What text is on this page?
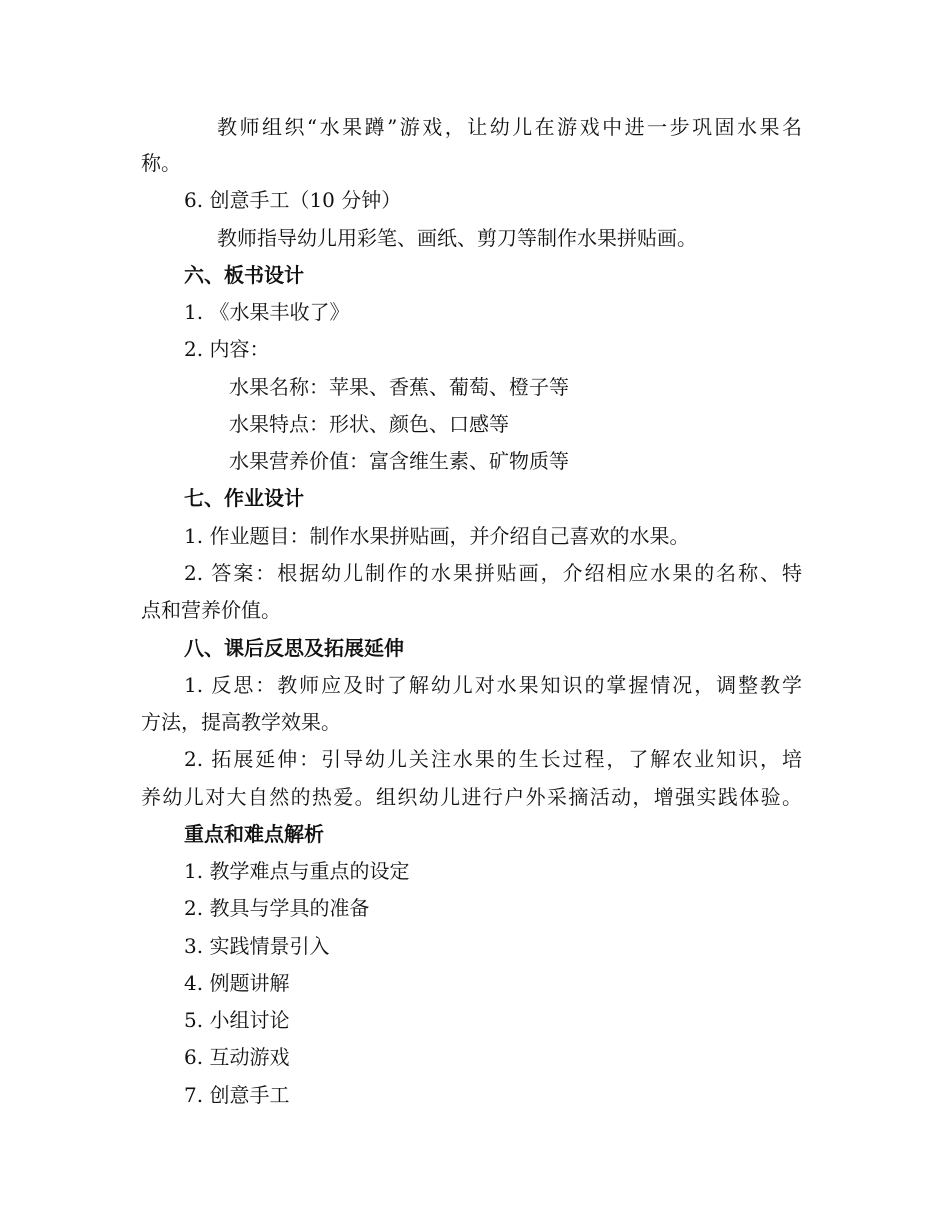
教师组织“水果蹲”游戏，让幼儿在游戏中进一步巩固水果名
称。
6. 创意手工（10 分钟）
教师指导幼儿用彩笔、画纸、剪刀等制作水果拼贴画。
六、板书设计
1. 《水果丰收了》
2. 内容：
水果名称：苹果、香蕉、葡萄、橙子等
水果特点：形状、颜色、口感等
水果营养价值：富含维生素、矿物质等
七、作业设计
1. 作业题目：制作水果拼贴画，并介绍自己喜欢的水果。
2. 答案：根据幼儿制作的水果拼贴画，介绍相应水果的名称、特
点和营养价值。
八、课后反思及拓展延伸
1. 反思：教师应及时了解幼儿对水果知识的掌握情况，调整教学
方法，提高教学效果。
2. 拓展延伸：引导幼儿关注水果的生长过程，了解农业知识，培
养幼儿对大自然的热爱。组织幼儿进行户外采摘活动，增强实践体验。
重点和难点解析
1. 教学难点与重点的设定
2. 教具与学具的准备
3. 实践情景引入
4. 例题讲解
5. 小组讨论
6. 互动游戏
7. 创意手工
